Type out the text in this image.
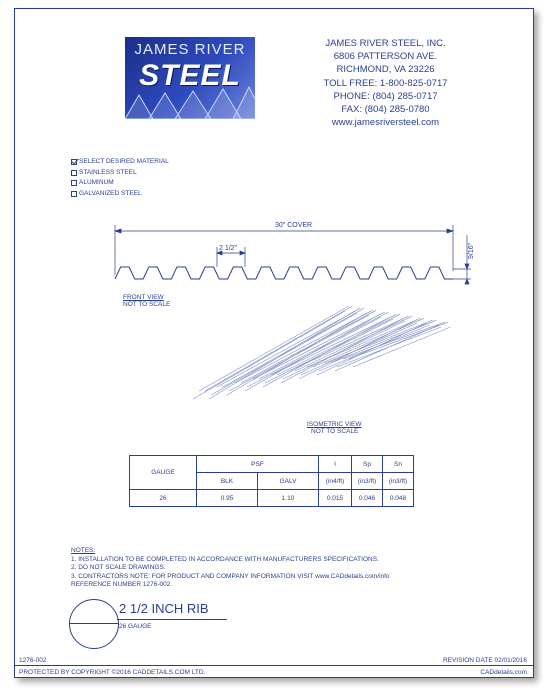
JAMES RIVER
STEEL
JAMES RIVER STEEL, INC.
6806 PATTERSON AVE.
RICHMOND, VA 23226
TOLL FREE: 1-800-825-0717
PHONE: (804) 285-0717
FAX: (804) 285-0780
www.jamesriversteel.com
SELECT DESIRED MATERIAL
STAINLESS STEEL
ALUMINUM
GALVANIZED STEEL
30" COVER
2 1/2"	9/16"
FRONT VIEW
NOT TO SCALE
ISOMETRIC VIEW
NOT TO SCALE
GAUGE	PSF		I	Sp	Sn
	BLK	GALV	(in4/ft)	(in3/ft)	(in3/ft)
26	0.95	1.10	0.015	0.046	0.048
NOTES:
1. INSTALLATION TO BE COMPLETED IN ACCORDANCE WITH MANUFACTURERS SPECIFICATIONS.
2. DO NOT SCALE DRAWINGS.
3. CONTRACTORS NOTE: FOR PRODUCT AND COMPANY INFORMATION VISIT www.CADdetails.com/info
REFERENCE NUMBER 1276-002.
2 1/2 INCH RIB
26 GAUGE
1276-002	REVISION DATE 02/01/2016
PROTECTED BY COPYRIGHT ©2016 CADDETAILS.COM LTD.	CADdetails.com
